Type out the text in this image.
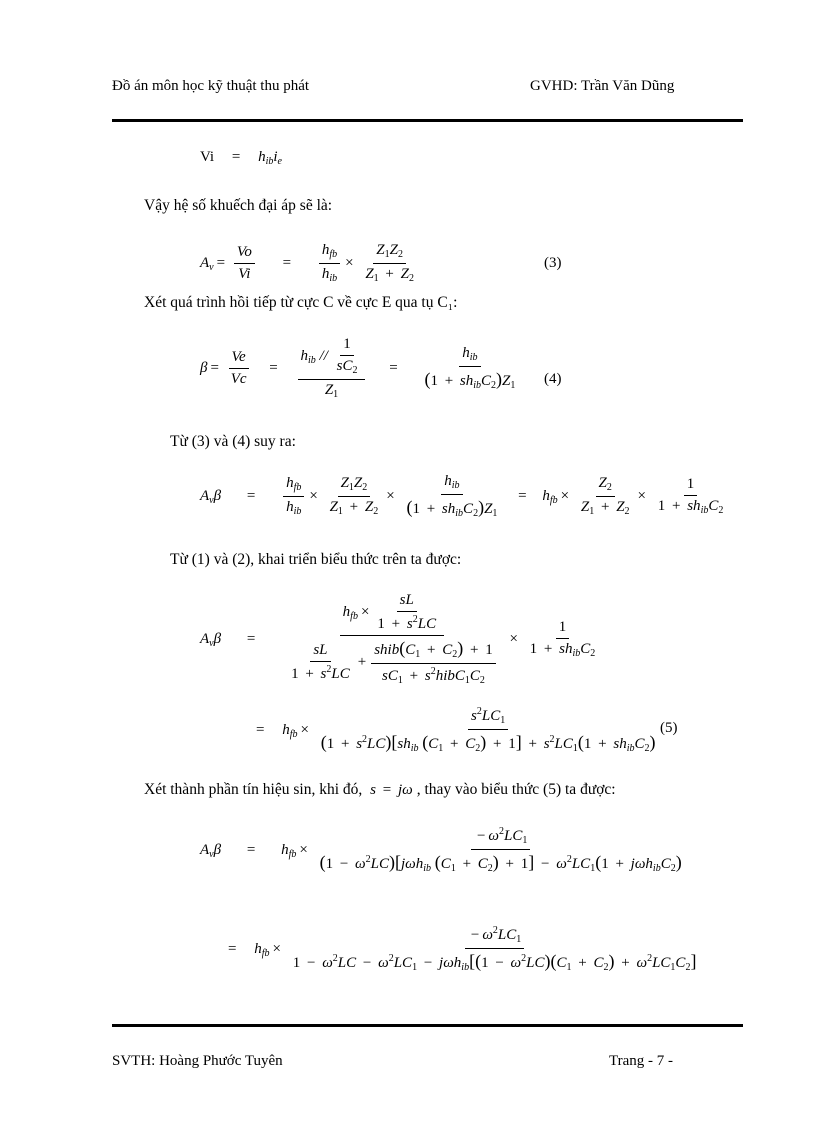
Đồ án môn học kỹ thuật thu phát	GVHD: Trần Văn Dũng
$Vi = h_{ib}i_e$
Vậy hệ số khuếch đại áp sẽ là:
$A_v = \frac{Vo}{Vi} = \frac{h_{fb}}{h_{ib}} \times \frac{Z_1Z_2}{Z_1 + Z_2}$	(3)
Xét quá trình hồi tiếp từ cực C về cực E qua tụ C₁:
$\beta = \frac{Ve}{Vc} = \frac{h_{ib} // \frac{1}{sC_2}}{Z_1} = \frac{h_{ib}}{(1 + sh_{ib}C_2)Z_1} (4)$
Từ (3) và (4) suy ra:
$A_v\beta = \frac{h_{fb}}{h_{ib}} \times \frac{Z_1Z_2}{Z_1 + Z_2} \times \frac{h_{ib}}{(1 + sh_{ib}C_2)Z_1} = h_{fb} \times \frac{Z_2}{Z_1 + Z_2} \times \frac{1}{1 + sh_{ib}C_2}$
Từ (1) và (2), khai triển biểu thức trên ta được:
$A_v\beta = \frac{h_{fb} \times \frac{sL}{1 + s^2LC}}{\frac{sL}{1 + s^2LC} + \frac{shib(C_1 + C_2) + 1}{sC_1 + s^2hibC_1C_2}} \times \frac{1}{1 + sh_{ib}C_2}$
= $h_{fb} \times \frac{s^2LC_1}{(1 + s^2LC)[sh_{ib} (C_1 + C_2) + 1] + s^2LC_1(1 + sh_{ib}C_2)} (5)$
Xét thành phần tín hiệu sin, khi đó, s = jω , thay vào biểu thức (5) ta được:
$A_v\beta = h_{fb} \times \frac{- \omega^2LC_1}{(1 - \omega^2LC)[j\omega h_{ib} (C_1 + C_2) + 1] - \omega^2LC_1(1 + j\omega h_{ib}C_2)}$
= $h_{fb} \times \frac{- \omega^2LC_1}{1 - \omega^2LC - \omega^2LC_1 - j\omega h_{ib}[(1 - \omega^2LC)(C_1 + C_2) + \omega^2LC_1C_2]}$
SVTH: Hoàng Phước Tuyên	Trang - 7 -
